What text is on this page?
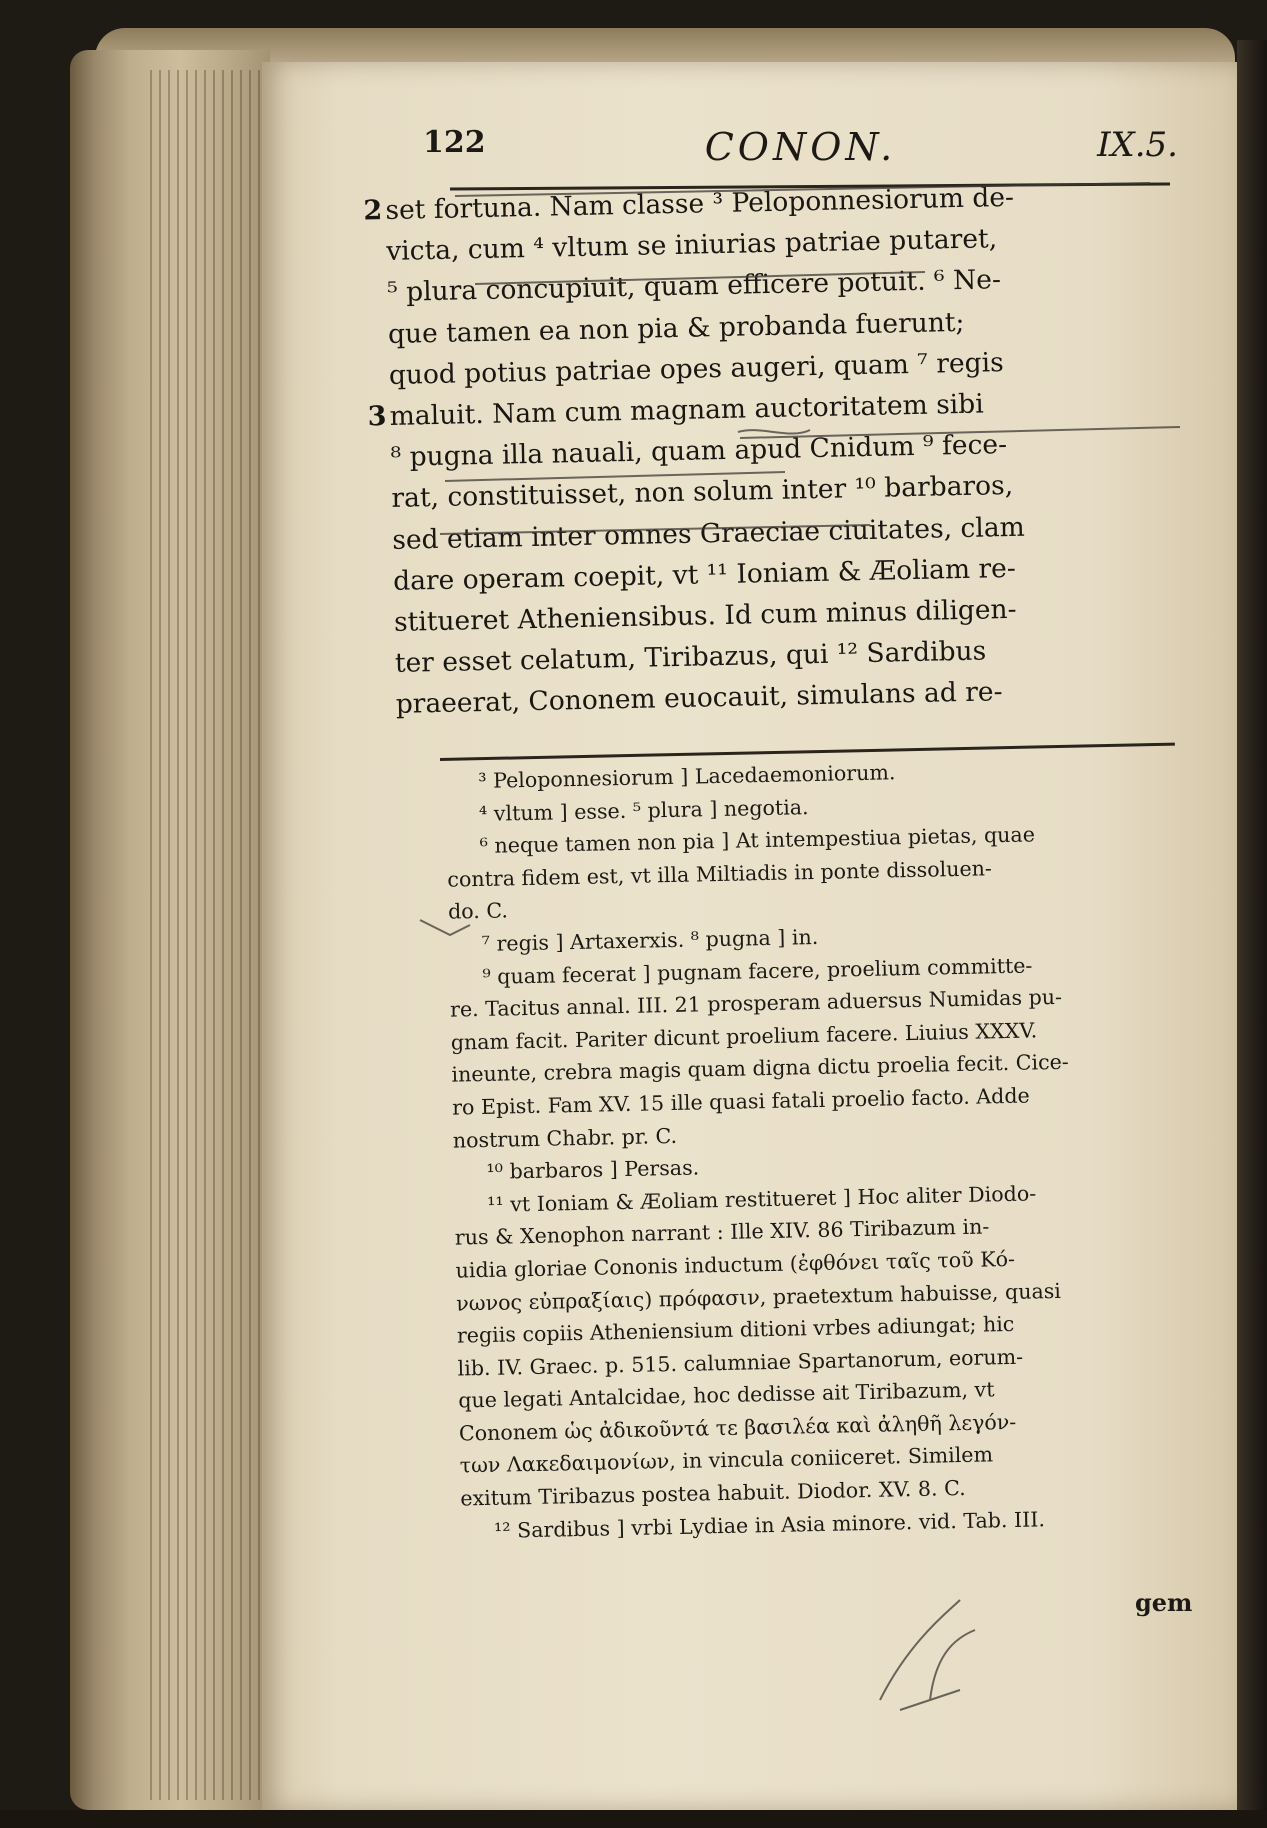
122	CONON.	IX.5.
2 set fortuna. Nam classe ³ Peloponnesiorum de-
victa, cum ⁴ vltum se iniurias patriae putaret,
⁵ plura concupiuit, quam efficere potuit. ⁶ Ne-
que tamen ea non pia & probanda fuerunt;
quod potius patriae opes augeri, quam ⁷ regis
3 maluit. Nam cum magnam auctoritatem sibi
⁸ pugna illa nauali, quam apud Cnidum ⁹ fece-
rat, constituisset, non solum inter ¹⁰ barbaros,
sed etiam inter omnes Graeciae ciuitates, clam
dare operam coepit, vt ¹¹ Ioniam & Æoliam re-
stitueret Atheniensibus. Id cum minus diligen-
ter esset celatum, Tiribazus, qui ¹² Sardibus
praeerat, Cononem euocauit, simulans ad re-
³ Peloponnesiorum ] Lacedaemoniorum.
⁴ vltum ] esse. ⁵ plura ] negotia.
⁶ neque tamen non pia ] At intempestiua pietas, quae
contra fidem est, vt illa Miltiadis in ponte dissoluen-
do. C.
⁷ regis ] Artaxerxis. ⁸ pugna ] in.
⁹ quam fecerat ] pugnam facere, proelium committe-
re. Tacitus annal. III. 21 prosperam aduersus Numidas pu-
gnam facit. Pariter dicunt proelium facere. Liuius XXXV.
ineunte, crebra magis quam digna dictu proelia fecit. Cice-
ro Epist. Fam XV. 15 ille quasi fatali proelio facto. Adde
nostrum Chabr. pr. C.
¹⁰ barbaros ] Persas.
¹¹ vt Ioniam & Æoliam restitueret ] Hoc aliter Diodo-
rus & Xenophon narrant : Ille XIV. 86 Tiribazum in-
uidia gloriae Cononis inductum (ἐφθόνει ταῖς τοῦ Κό-
νωνος εὐπραξίαις) πρόφασιν, praetextum habuisse, quasi
regiis copiis Atheniensium ditioni vrbes adiungat; hic
lib. IV. Graec. p. 515. calumniae Spartanorum, eorum-
que legati Antalcidae, hoc dedisse ait Tiribazum, vt
Cononem ὡς ἀδικοῦντά τε βασιλέα καὶ ἀληθῆ λεγόν-
των Λακεδαιμονίων, in vincula coniiceret. Similem
exitum Tiribazus postea habuit. Diodor. XV. 8. C.
¹² Sardibus ] vrbi Lydiae in Asia minore. vid. Tab. III.
gem
